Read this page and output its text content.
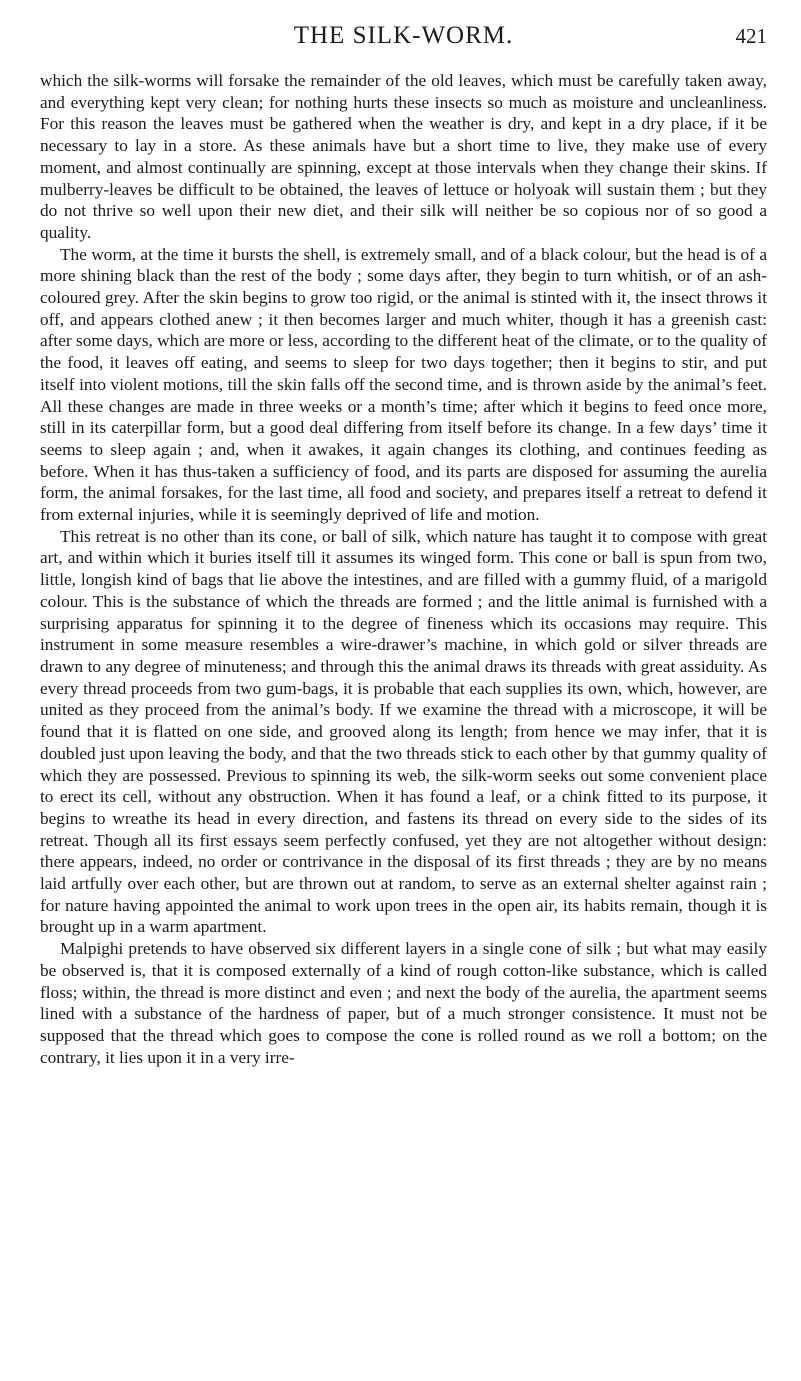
THE SILK-WORM.	421

which the silk-worms will forsake the remainder of the old leaves, which must be carefully taken away, and everything kept very clean; for nothing hurts these insects so much as moisture and uncleanliness. For this reason the leaves must be gathered when the weather is dry, and kept in a dry place, if it be necessary to lay in a store. As these animals have but a short time to live, they make use of every moment, and almost continually are spinning, except at those intervals when they change their skins. If mulberry-leaves be difficult to be obtained, the leaves of lettuce or holyoak will sustain them ; but they do not thrive so well upon their new diet, and their silk will neither be so copious nor of so good a quality.

The worm, at the time it bursts the shell, is extremely small, and of a black colour, but the head is of a more shining black than the rest of the body ; some days after, they begin to turn whitish, or of an ash-coloured grey. After the skin begins to grow too rigid, or the animal is stinted with it, the insect throws it off, and appears clothed anew ; it then becomes larger and much whiter, though it has a greenish cast: after some days, which are more or less, according to the different heat of the climate, or to the quality of the food, it leaves off eating, and seems to sleep for two days together; then it begins to stir, and put itself into violent motions, till the skin falls off the second time, and is thrown aside by the animal’s feet. All these changes are made in three weeks or a month’s time; after which it begins to feed once more, still in its caterpillar form, but a good deal differing from itself before its change. In a few days’ time it seems to sleep again ; and, when it awakes, it again changes its clothing, and continues feeding as before. When it has thus-taken a sufficiency of food, and its parts are disposed for assuming the aurelia form, the animal forsakes, for the last time, all food and society, and prepares itself a retreat to defend it from external injuries, while it is seemingly deprived of life and motion.

This retreat is no other than its cone, or ball of silk, which nature has taught it to compose with great art, and within which it buries itself till it assumes its winged form. This cone or ball is spun from two, little, longish kind of bags that lie above the intestines, and are filled with a gummy fluid, of a marigold colour. This is the substance of which the threads are formed ; and the little animal is furnished with a surprising apparatus for spinning it to the degree of fineness which its occasions may require. This instrument in some measure resembles a wire-drawer’s machine, in which gold or silver threads are drawn to any degree of minuteness; and through this the animal draws its threads with great assiduity. As every thread proceeds from two gum-bags, it is probable that each supplies its own, which, however, are united as they proceed from the animal’s body. If we examine the thread with a microscope, it will be found that it is flatted on one side, and grooved along its length; from hence we may infer, that it is doubled just upon leaving the body, and that the two threads stick to each other by that gummy quality of which they are possessed. Previous to spinning its web, the silk-worm seeks out some convenient place to erect its cell, without any obstruction. When it has found a leaf, or a chink fitted to its purpose, it begins to wreathe its head in every direction, and fastens its thread on every side to the sides of its retreat. Though all its first essays seem perfectly confused, yet they are not altogether without design: there appears, indeed, no order or contrivance in the disposal of its first threads ; they are by no means laid artfully over each other, but are thrown out at random, to serve as an external shelter against rain ; for nature having appointed the animal to work upon trees in the open air, its habits remain, though it is brought up in a warm apartment.

Malpighi pretends to have observed six different layers in a single cone of silk ; but what may easily be observed is, that it is composed externally of a kind of rough cotton-like substance, which is called floss; within, the thread is more distinct and even ; and next the body of the aurelia, the apartment seems lined with a substance of the hardness of paper, but of a much stronger consistence. It must not be supposed that the thread which goes to compose the cone is rolled round as we roll a bottom; on the contrary, it lies upon it in a very irre-
